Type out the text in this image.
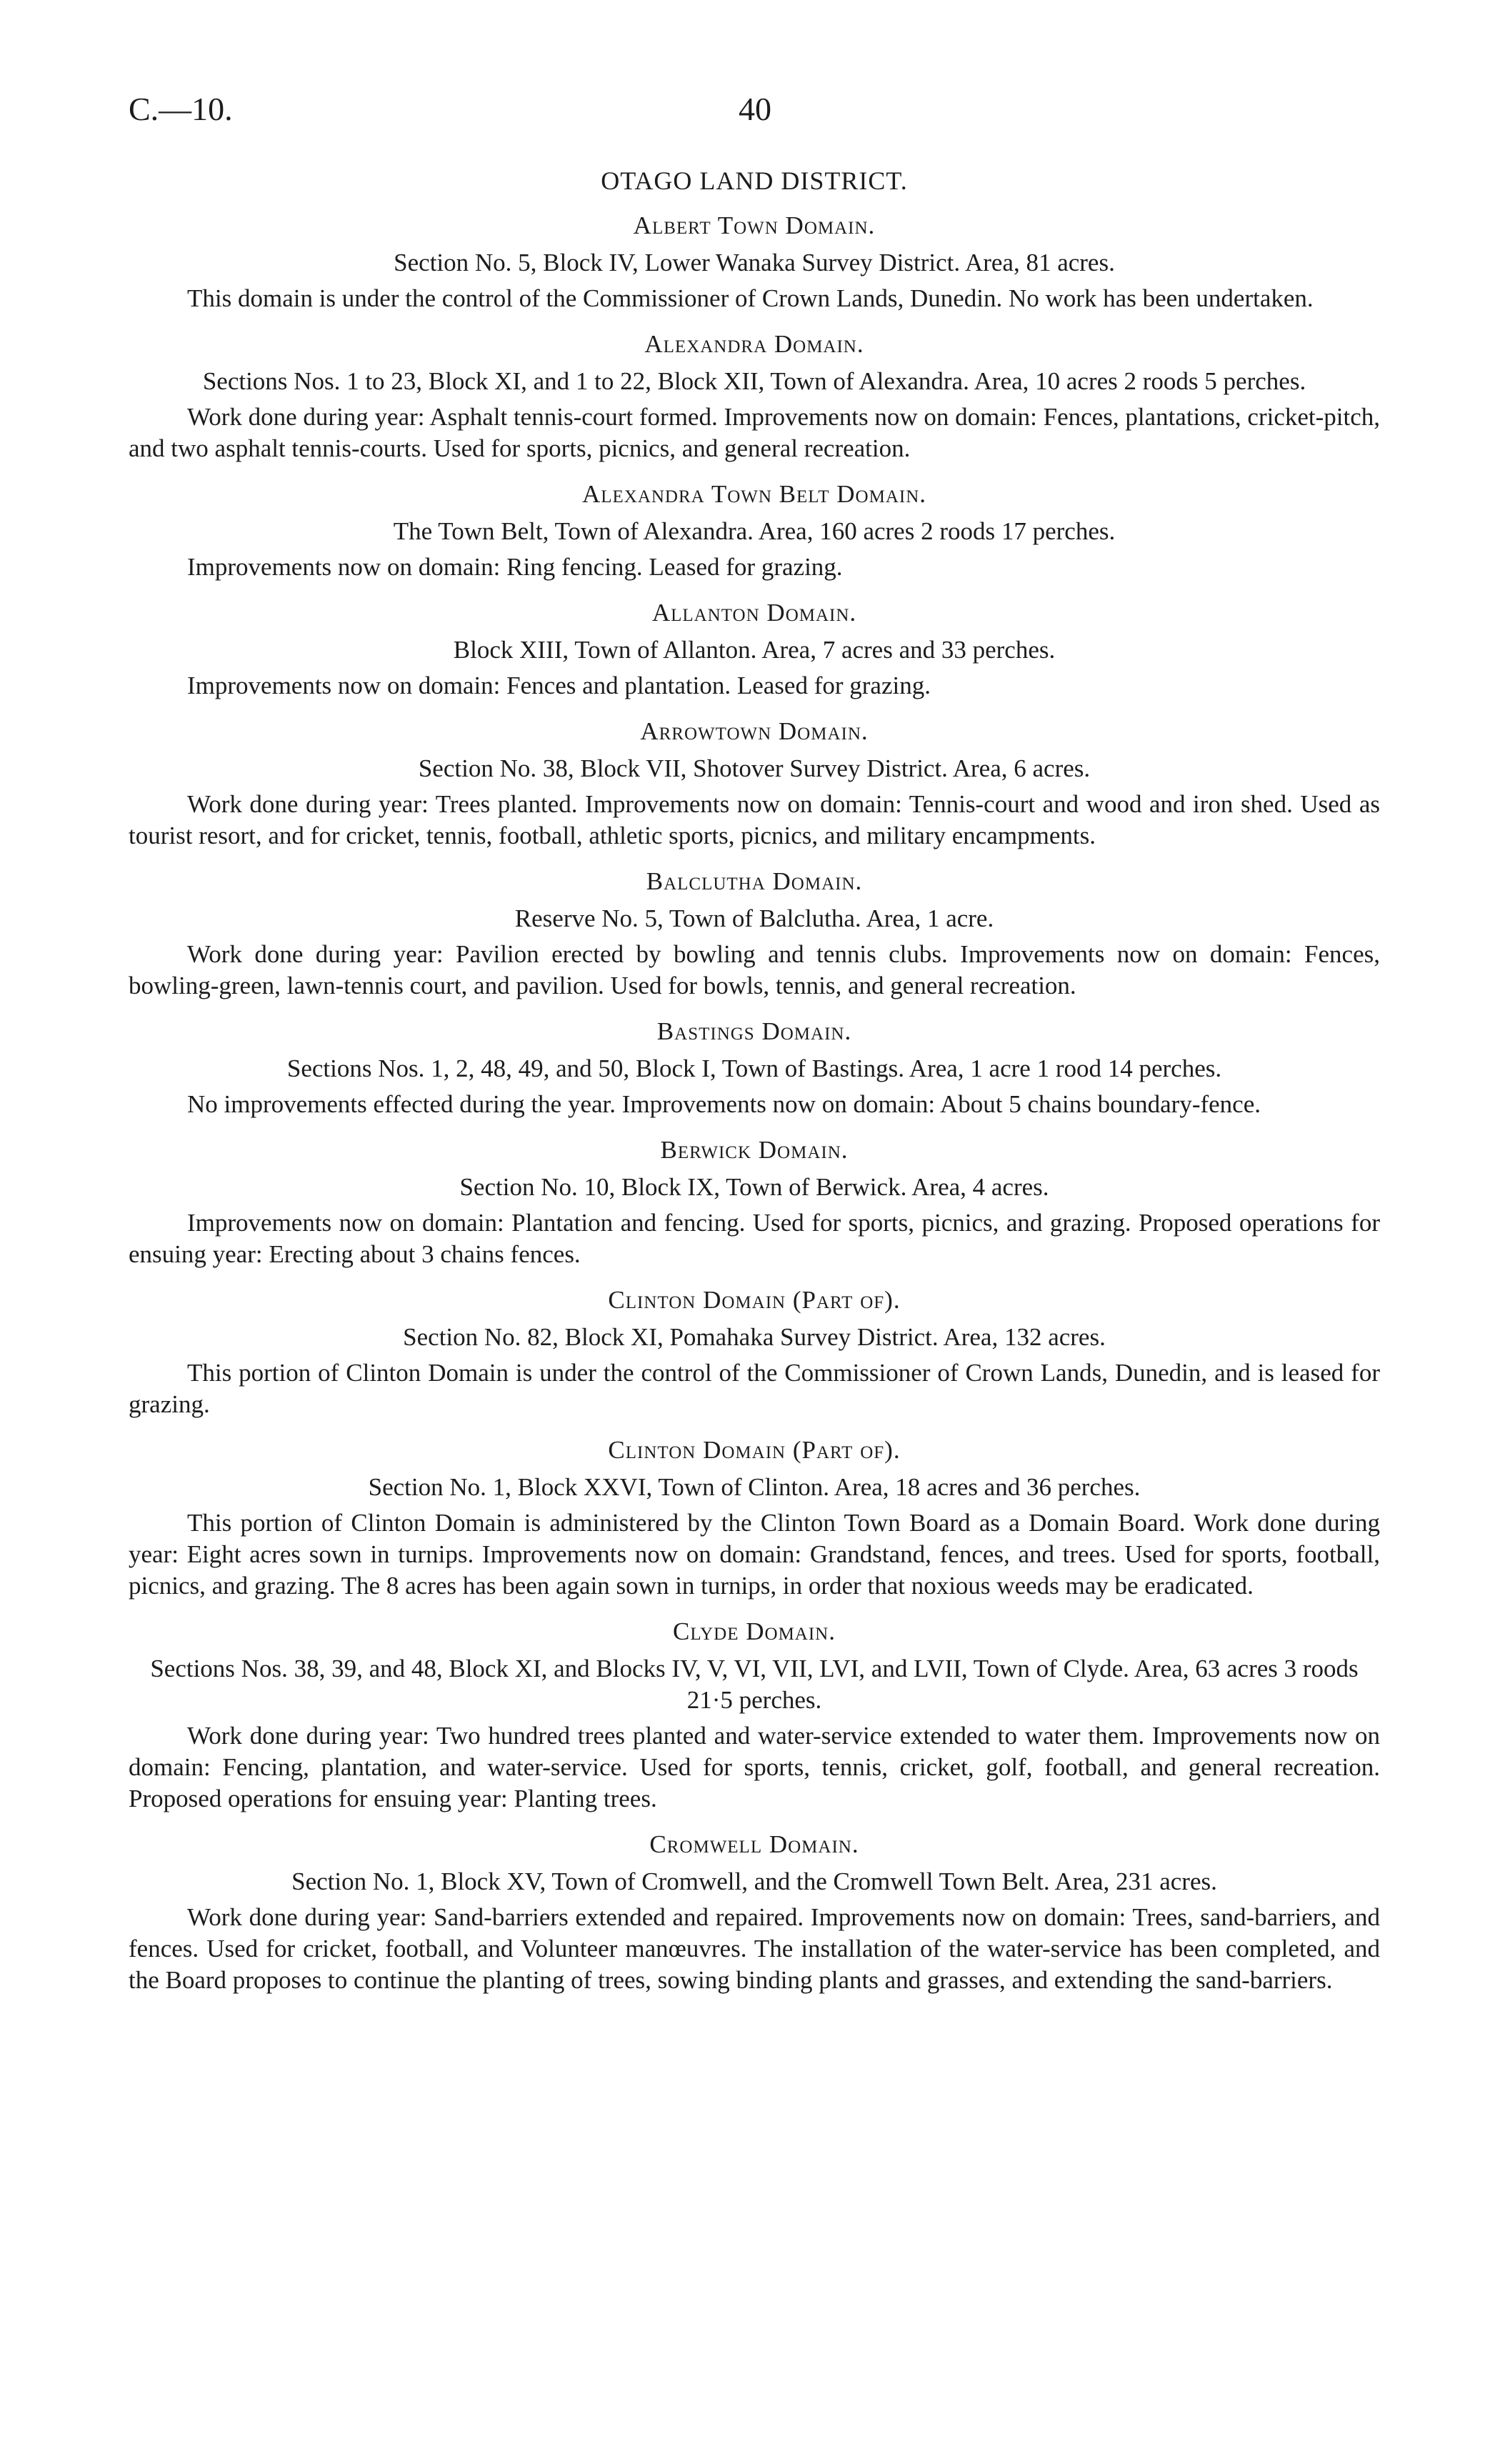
C.—10.	40
OTAGO LAND DISTRICT.
Albert Town Domain.

Section No. 5, Block IV, Lower Wanaka Survey District. Area, 81 acres.

This domain is under the control of the Commissioner of Crown Lands, Dunedin. No work has been undertaken.

Alexandra Domain.

Sections Nos. 1 to 23, Block XI, and 1 to 22, Block XII, Town of Alexandra. Area, 10 acres 2 roods 5 perches.

Work done during year: Asphalt tennis-court formed. Improvements now on domain: Fences, plantations, cricket-pitch, and two asphalt tennis-courts. Used for sports, picnics, and general recreation.

Alexandra Town Belt Domain.

The Town Belt, Town of Alexandra. Area, 160 acres 2 roods 17 perches.

Improvements now on domain: Ring fencing. Leased for grazing.

Allanton Domain.

Block XIII, Town of Allanton. Area, 7 acres and 33 perches.

Improvements now on domain: Fences and plantation. Leased for grazing.

Arrowtown Domain.

Section No. 38, Block VII, Shotover Survey District. Area, 6 acres.

Work done during year: Trees planted. Improvements now on domain: Tennis-court and wood and iron shed. Used as tourist resort, and for cricket, tennis, football, athletic sports, picnics, and military encampments.

Balclutha Domain.

Reserve No. 5, Town of Balclutha. Area, 1 acre.

Work done during year: Pavilion erected by bowling and tennis clubs. Improvements now on domain: Fences, bowling-green, lawn-tennis court, and pavilion. Used for bowls, tennis, and general recreation.

Bastings Domain.

Sections Nos. 1, 2, 48, 49, and 50, Block I, Town of Bastings. Area, 1 acre 1 rood 14 perches.

No improvements effected during the year. Improvements now on domain: About 5 chains boundary-fence.

Berwick Domain.

Section No. 10, Block IX, Town of Berwick. Area, 4 acres.

Improvements now on domain: Plantation and fencing. Used for sports, picnics, and grazing. Proposed operations for ensuing year: Erecting about 3 chains fences.

Clinton Domain (Part of).

Section No. 82, Block XI, Pomahaka Survey District. Area, 132 acres.

This portion of Clinton Domain is under the control of the Commissioner of Crown Lands, Dunedin, and is leased for grazing.

Clinton Domain (Part of).

Section No. 1, Block XXVI, Town of Clinton. Area, 18 acres and 36 perches.

This portion of Clinton Domain is administered by the Clinton Town Board as a Domain Board. Work done during year: Eight acres sown in turnips. Improvements now on domain: Grandstand, fences, and trees. Used for sports, football, picnics, and grazing. The 8 acres has been again sown in turnips, in order that noxious weeds may be eradicated.

Clyde Domain.

Sections Nos. 38, 39, and 48, Block XI, and Blocks IV, V, VI, VII, LVI, and LVII, Town of Clyde. Area, 63 acres 3 roods 21·5 perches.

Work done during year: Two hundred trees planted and water-service extended to water them. Improvements now on domain: Fencing, plantation, and water-service. Used for sports, tennis, cricket, golf, football, and general recreation. Proposed operations for ensuing year: Planting trees.

Cromwell Domain.

Section No. 1, Block XV, Town of Cromwell, and the Cromwell Town Belt. Area, 231 acres.

Work done during year: Sand-barriers extended and repaired. Improvements now on domain: Trees, sand-barriers, and fences. Used for cricket, football, and Volunteer manœuvres. The installation of the water-service has been completed, and the Board proposes to continue the planting of trees, sowing binding plants and grasses, and extending the sand-barriers.
